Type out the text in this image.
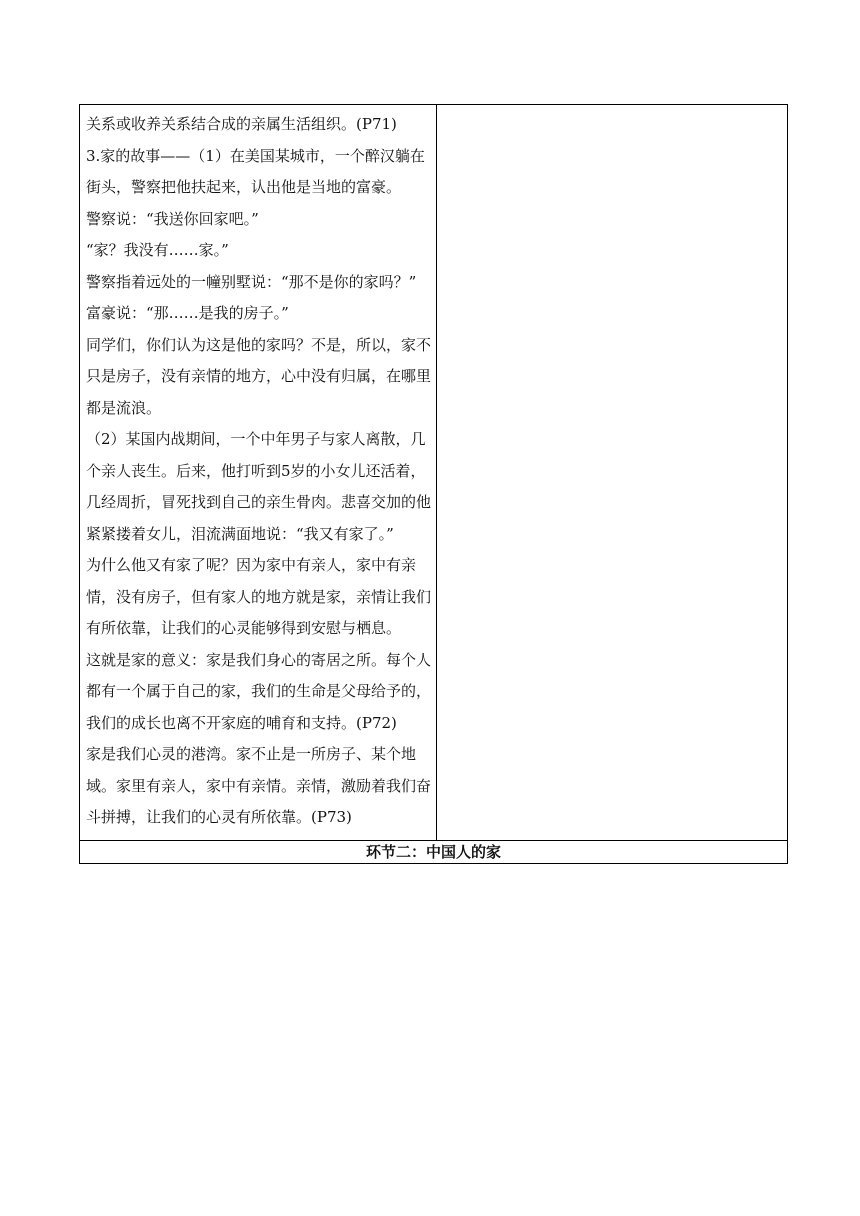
关系或收养关系结合成的亲属生活组织。(P71)

3.家的故事——（1）在美国某城市，一个醉汉躺在街头，警察把他扶起来，认出他是当地的富豪。

警察说：“我送你回家吧。”

“家？我没有……家。”

警察指着远处的一幢别墅说：“那不是你的家吗？”

富豪说：“那……是我的房子。”

同学们，你们认为这是他的家吗？不是，所以，家不只是房子，没有亲情的地方，心中没有归属，在哪里都是流浪。

（2）某国内战期间，一个中年男子与家人离散，几个亲人丧生。后来，他打听到5岁的小女儿还活着，几经周折，冒死找到自己的亲生骨肉。悲喜交加的他紧紧搂着女儿，泪流满面地说：“我又有家了。”

为什么他又有家了呢？因为家中有亲人，家中有亲情，没有房子，但有家人的地方就是家，亲情让我们有所依靠，让我们的心灵能够得到安慰与栖息。

这就是家的意义：家是我们身心的寄居之所。每个人都有一个属于自己的家，我们的生命是父母给予的，我们的成长也离不开家庭的哺育和支持。(P72)

家是我们心灵的港湾。家不止是一所房子、某个地域。家里有亲人，家中有亲情。亲情，激励着我们奋斗拼搏，让我们的心灵有所依靠。(P73)

环节二：中国人的家
